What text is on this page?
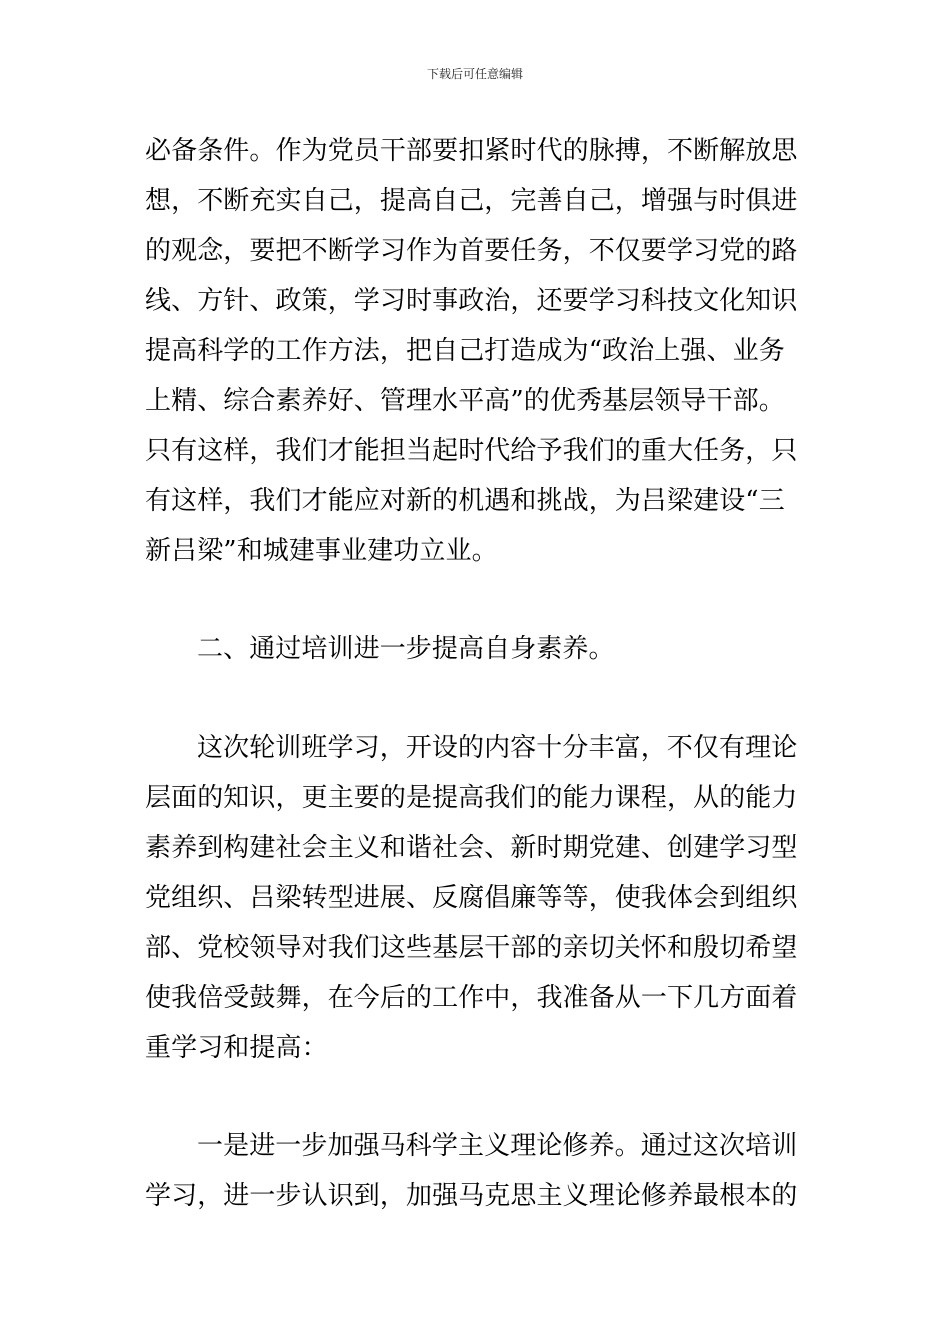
下载后可任意编辑
必备条件。作为党员干部要扣紧时代的脉搏，不断解放思
想，不断充实自己，提高自己，完善自己，增强与时俱进
的观念，要把不断学习作为首要任务，不仅要学习党的路
线、方针、政策，学习时事政治，还要学习科技文化知识
提高科学的工作方法，把自己打造成为“政治上强、业务
上精、综合素养好、管理水平高”的优秀基层领导干部。
只有这样，我们才能担当起时代给予我们的重大任务，只
有这样，我们才能应对新的机遇和挑战，为吕梁建设“三
新吕梁”和城建事业建功立业。
二、通过培训进一步提高自身素养。
这次轮训班学习，开设的内容十分丰富，不仅有理论
层面的知识，更主要的是提高我们的能力课程，从的能力
素养到构建社会主义和谐社会、新时期党建、创建学习型
党组织、吕梁转型进展、反腐倡廉等等，使我体会到组织
部、党校领导对我们这些基层干部的亲切关怀和殷切希望
使我倍受鼓舞，在今后的工作中，我准备从一下几方面着
重学习和提高：
一是进一步加强马科学主义理论修养。通过这次培训
学习，进一步认识到，加强马克思主义理论修养最根本的
